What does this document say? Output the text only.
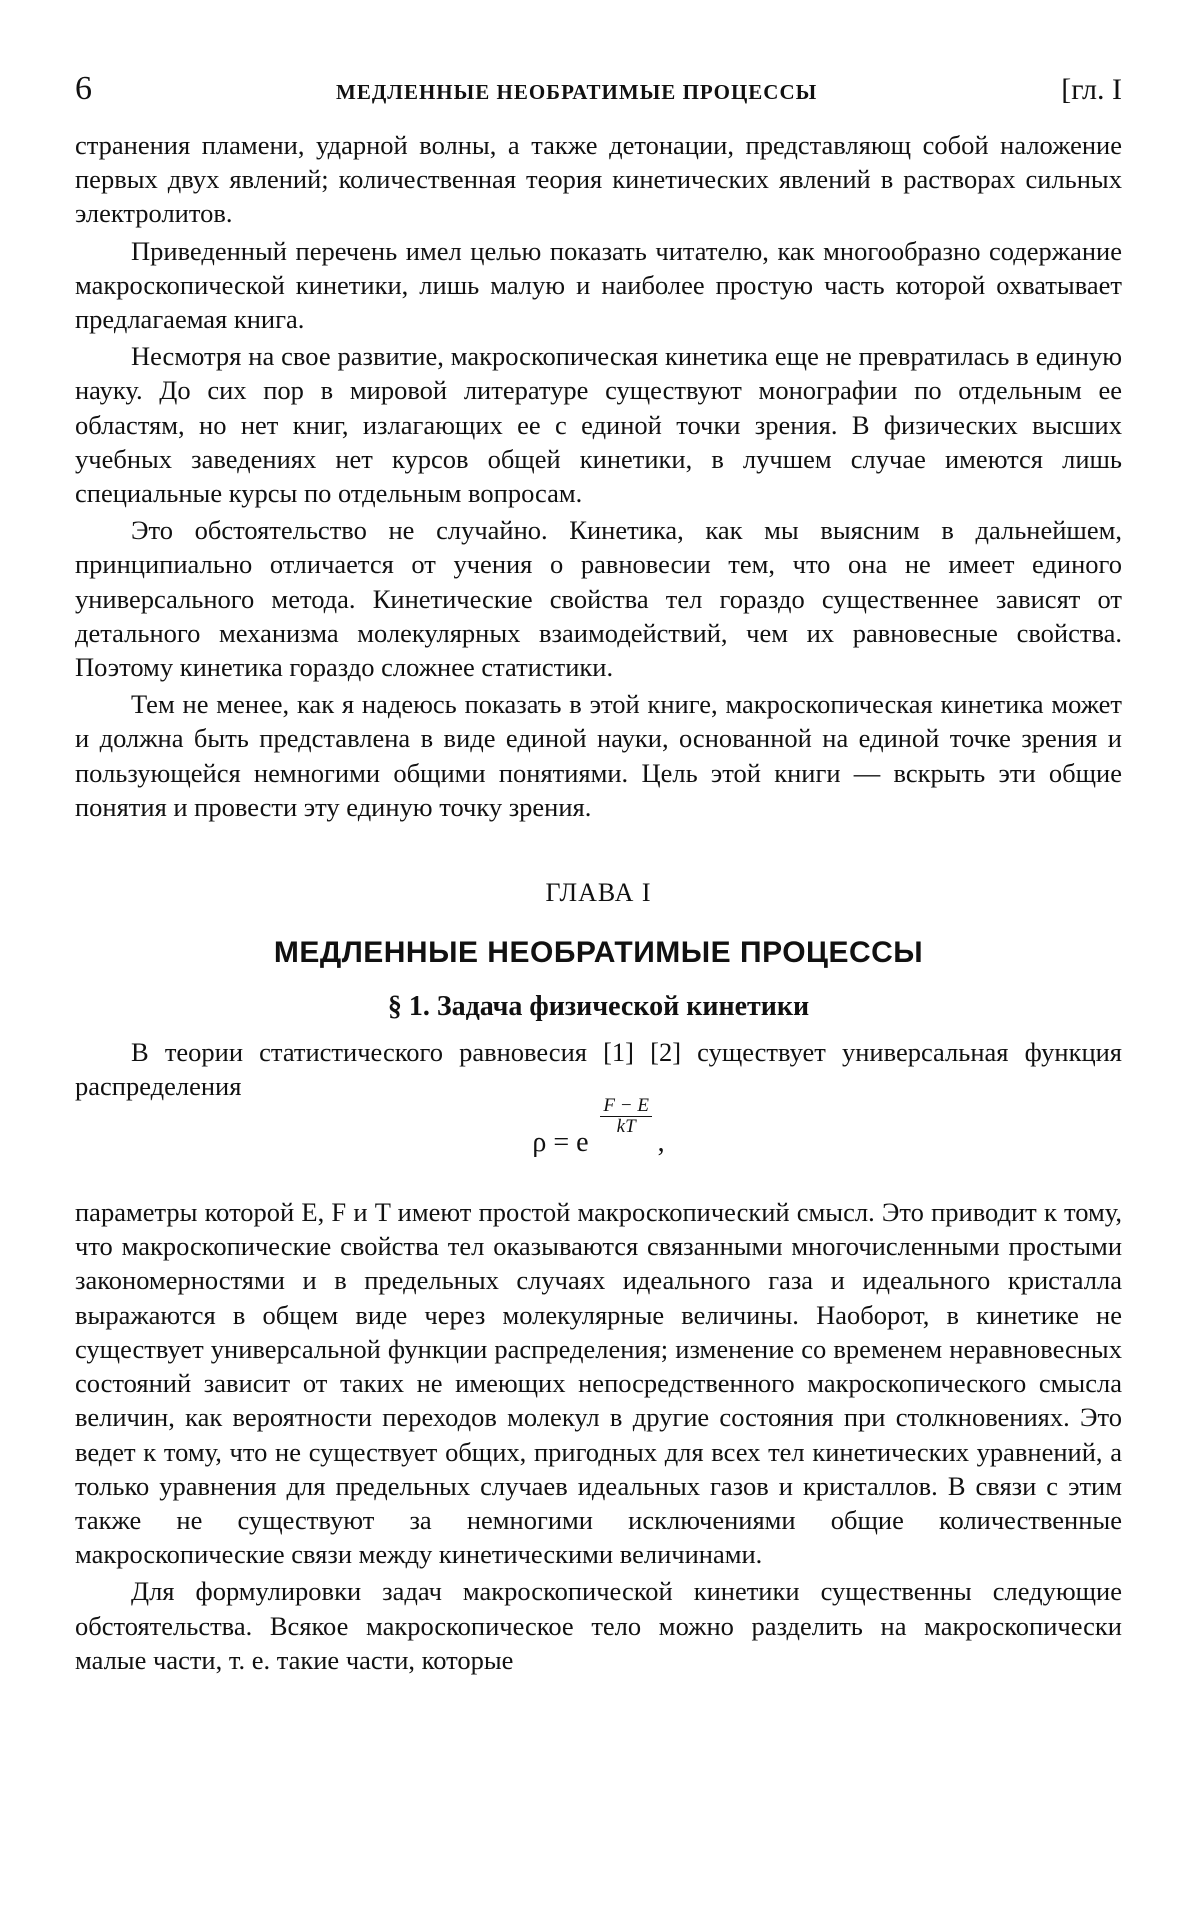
6	МЕДЛЕННЫЕ НЕОБРАТИМЫЕ ПРОЦЕССЫ	[гл. I

странения пламени, ударной волны, а также детонации, представляющ собой наложение первых двух явлений; количественная теория кинетических явлений в растворах сильных электролитов.

Приведенный перечень имел целью показать читателю, как многообразно содержание макроскопической кинетики, лишь малую и наиболее простую часть которой охватывает предлагаемая книга.

Несмотря на свое развитие, макроскопическая кинетика еще не превратилась в единую науку. До сих пор в мировой литературе существуют монографии по отдельным ее областям, но нет книг, излагающих ее с единой точки зрения. В физических высших учебных заведениях нет курсов общей кинетики, в лучшем случае имеются лишь специальные курсы по отдельным вопросам.

Это обстоятельство не случайно. Кинетика, как мы выясним в дальнейшем, принципиально отличается от учения о равновесии тем, что она не имеет единого универсального метода. Кинетические свойства тел гораздо существеннее зависят от детального механизма молекулярных взаимодействий, чем их равновесные свойства. Поэтому кинетика гораздо сложнее статистики.

Тем не менее, как я надеюсь показать в этой книге, макроскопическая кинетика может и должна быть представлена в виде единой науки, основанной на единой точке зрения и пользующейся немногими общими понятиями. Цель этой книги — вскрыть эти общие понятия и провести эту единую точку зрения.

ГЛАВА I

МЕДЛЕННЫЕ НЕОБРАТИМЫЕ ПРОЦЕССЫ

§ 1. Задача физической кинетики

В теории статистического равновесия [1] [2] существует универсальная функция распределения

ρ = e
$\frac{F - E}{kT}$
,

параметры которой E, F и T имеют простой макроскопический смысл. Это приводит к тому, что макроскопические свойства тел оказываются связанными многочисленными простыми закономерностями и в предельных случаях идеального газа и идеального кристалла выражаются в общем виде через молекулярные величины. Наоборот, в кинетике не существует универсальной функции распределения; изменение со временем неравновесных состояний зависит от таких не имеющих непосредственного макроскопического смысла величин, как вероятности переходов молекул в другие состояния при столкновениях. Это ведет к тому, что не существует общих, пригодных для всех тел кинетических уравнений, а только уравнения для предельных случаев идеальных газов и кристаллов. В связи с этим также не существуют за немногими исключениями общие количественные макроскопические связи между кинетическими величинами.

Для формулировки задач макроскопической кинетики существенны следующие обстоятельства. Всякое макроскопическое тело можно разделить на макроскопически малые части, т. е. такие части, которые
